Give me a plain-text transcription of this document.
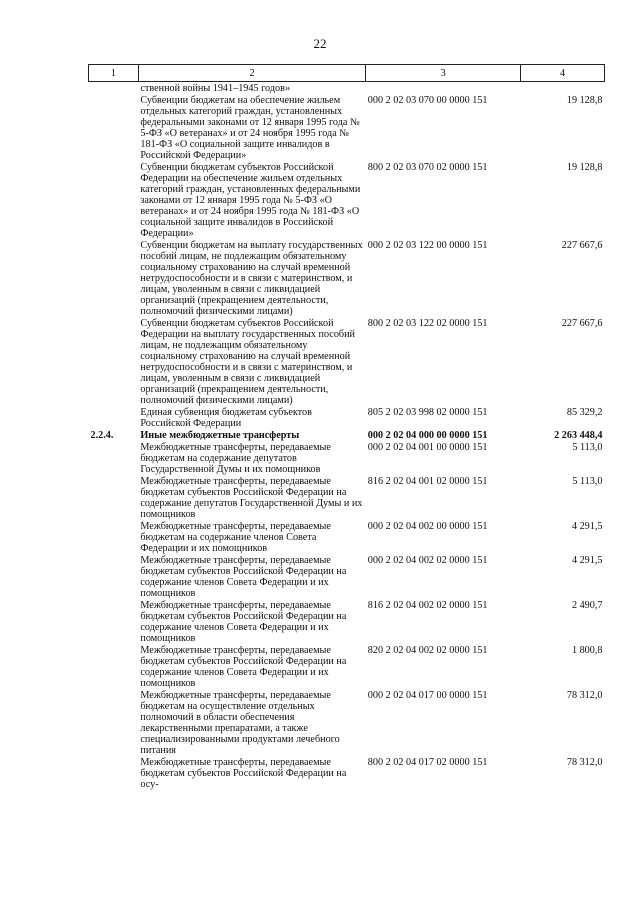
22
1	2	3	4
	ственной войны 1941–1945 годов»		
	Субвенции бюджетам на обеспечение жильем отдельных категорий граждан, установленных федеральными законами от 12 января 1995 года № 5-ФЗ «О ветеранах» и от 24 ноября 1995 года № 181-ФЗ «О социальной защите инвалидов в Российской Федерации»	000 2 02 03 070 00 0000 151	19 128,8
	Субвенции бюджетам субъектов Российской Федерации на обеспечение жильем отдельных категорий граждан, установленных федеральными законами от 12 января 1995 года № 5-ФЗ «О ветеранах» и от 24 ноября 1995 года № 181-ФЗ «О социальной защите инвалидов в Российской Федерации»	800 2 02 03 070 02 0000 151	19 128,8
	Субвенции бюджетам на выплату государственных пособий лицам, не подлежащим обязательному социальному страхованию на случай временной нетрудоспособности и в связи с материнством, и лицам, уволенным в связи с ликвидацией организаций (прекращением деятельности, полномочий физическими лицами)	000 2 02 03 122 00 0000 151	227 667,6
	Субвенции бюджетам субъектов Российской Федерации на выплату государственных пособий лицам, не подлежащим обязательному социальному страхованию на случай временной нетрудоспособности и в связи с материнством, и лицам, уволенным в связи с ликвидацией организаций (прекращением деятельности, полномочий физическими лицами)	800 2 02 03 122 02 0000 151	227 667,6
	Единая субвенция бюджетам субъектов Российской Федерации	805 2 02 03 998 02 0000 151	85 329,2
2.2.4.	Иные межбюджетные трансферты	000 2 02 04 000 00 0000 151	2 263 448,4
	Межбюджетные трансферты, передаваемые бюджетам на содержание депутатов Государственной Думы и их помощников	000 2 02 04 001 00 0000 151	5 113,0
	Межбюджетные трансферты, передаваемые бюджетам субъектов Российской Федерации на содержание депутатов Государственной Думы и их помощников	816 2 02 04 001 02 0000 151	5 113,0
	Межбюджетные трансферты, передаваемые бюджетам на содержание членов Совета Федерации и их помощников	000 2 02 04 002 00 0000 151	4 291,5
	Межбюджетные трансферты, передаваемые бюджетам субъектов Российской Федерации на содержание членов Совета Федерации и их помощников	000 2 02 04 002 02 0000 151	4 291,5
	Межбюджетные трансферты, передаваемые бюджетам субъектов Российской Федерации на содержание членов Совета Федерации и их помощников	816 2 02 04 002 02 0000 151	2 490,7
	Межбюджетные трансферты, передаваемые бюджетам субъектов Российской Федерации на содержание членов Совета Федерации и их помощников	820 2 02 04 002 02 0000 151	1 800,8
	Межбюджетные трансферты, передаваемые бюджетам на осуществление отдельных полномочий в области обеспечения лекарственными препаратами, а также специализированными продуктами лечебного питания	000 2 02 04 017 00 0000 151	78 312,0
	Межбюджетные трансферты, передаваемые бюджетам субъектов Российской Федерации на осу-	800 2 02 04 017 02 0000 151	78 312,0
